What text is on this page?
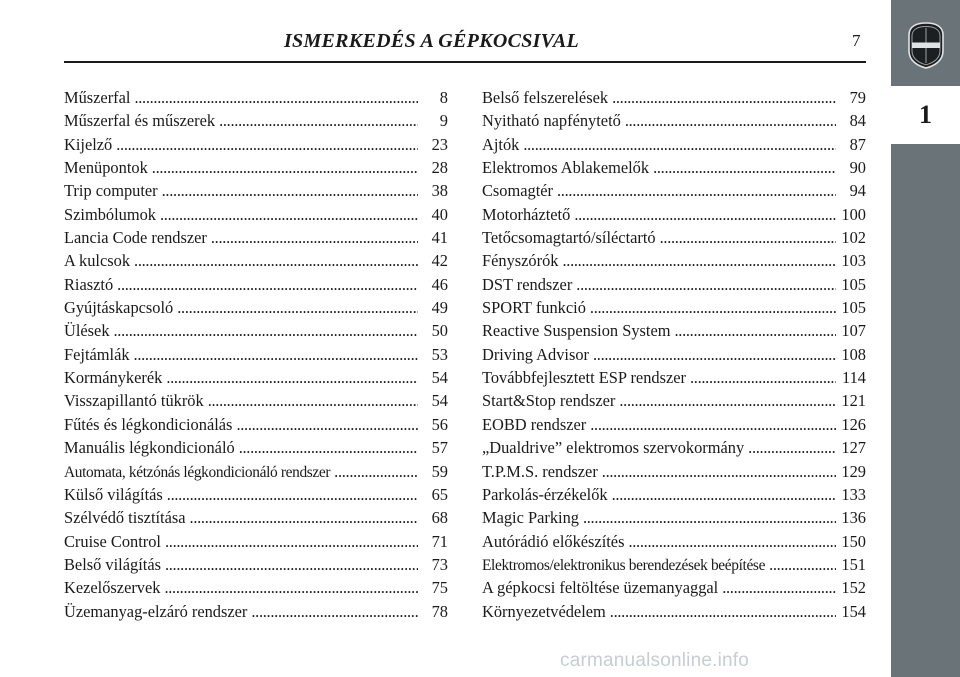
ISMERKEDÉS A GÉPKOCSIVAL	7
1
Műszerfal . . .	8
Műszerfal és műszerek . . .	9
Kijelző . . .	23
Menüpontok . . .	28
Trip computer . . .	38
Szimbólumok . . .	40
Lancia Code rendszer . . .	41
A kulcsok . . .	42
Riasztó . . .	46
Gyújtáskapcsoló . . .	49
Ülések . . .	50
Fejtámlák . . .	53
Kormánykerék . . .	54
Visszapillantó tükrök . . .	54
Fűtés és légkondicionálás . . .	56
Manuális légkondicionáló . . .	57
Automata, kétzónás légkondicionáló rendszer . . .	59
Külső világítás . . .	65
Szélvédő tisztítása . . .	68
Cruise Control . . .	71
Belső világítás . . .	73
Kezelőszervek . . .	75
Üzemanyag-elzáró rendszer . . .	78
Belső felszerelések . . .	79
Nyitható napfénytető . . .	84
Ajtók . . .	87
Elektromos Ablakemelők . . .	90
Csomagtér . . .	94
Motorháztető . . .	100
Tetőcsomagtartó/síléctartó . . .	102
Fényszórók . . .	103
DST rendszer . . .	105
SPORT funkció . . .	105
Reactive Suspension System . . .	107
Driving Advisor . . .	108
Továbbfejlesztett ESP rendszer . . .	114
Start&Stop rendszer . . .	121
EOBD rendszer . . .	126
„Dualdrive” elektromos szervokormány . . .	127
T.P.M.S. rendszer . . .	129
Parkolás-érzékelők . . .	133
Magic Parking . . .	136
Autórádió előkészítés . . .	150
Elektromos/elektronikus berendezések beépítése . . .	151
A gépkocsi feltöltése üzemanyaggal . . .	152
Környezetvédelem . . .	154
carmanualsonline.info
